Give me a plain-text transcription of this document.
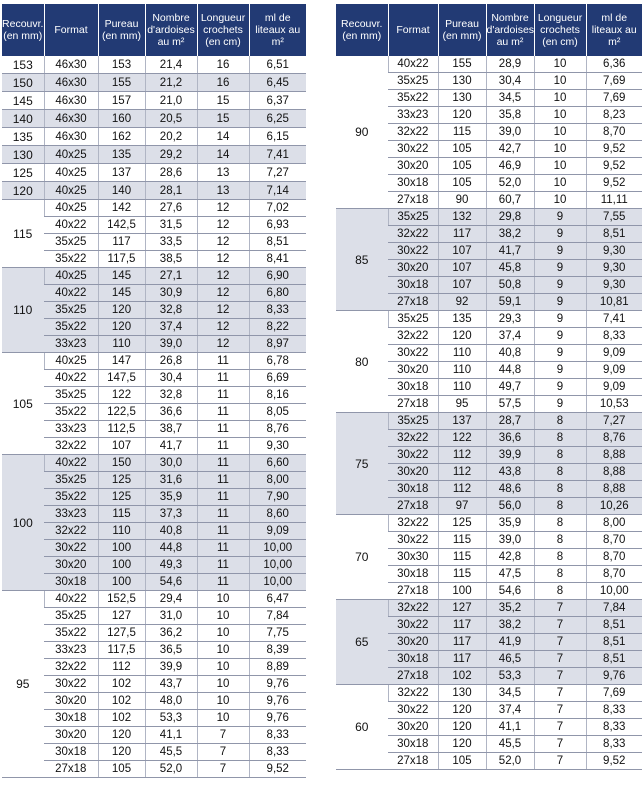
Recouvr. (en mm)	Format	Pureau (en mm)	Nombre d'ardoises au m²	Longueur crochets (en cm)	ml de liteaux au m²
153	46x30	153	21,4	16	6,51
150	46x30	155	21,2	16	6,45
145	46x30	157	21,0	15	6,37
140	46x30	160	20,5	15	6,25
135	46x30	162	20,2	14	6,15
130	40x25	135	29,2	14	7,41
125	40x25	137	28,6	13	7,27
120	40x25	140	28,1	13	7,14
115	40x25	142	27,6	12	7,02
	40x22	142,5	31,5	12	6,93
	35x25	117	33,5	12	8,51
	35x22	117,5	38,5	12	8,41
110	40x25	145	27,1	12	6,90
	40x22	145	30,9	12	6,80
	35x25	120	32,8	12	8,33
	35x22	120	37,4	12	8,22
	33x23	110	39,0	12	8,97
105	40x25	147	26,8	11	6,78
	40x22	147,5	30,4	11	6,69
	35x25	122	32,8	11	8,16
	35x22	122,5	36,6	11	8,05
	33x23	112,5	38,7	11	8,76
	32x22	107	41,7	11	9,30
100	40x22	150	30,0	11	6,60
	35x25	125	31,6	11	8,00
	35x22	125	35,9	11	7,90
	33x23	115	37,3	11	8,60
	32x22	110	40,8	11	9,09
	30x22	100	44,8	11	10,00
	30x20	100	49,3	11	10,00
	30x18	100	54,6	11	10,00
95	40x22	152,5	29,4	10	6,47
	35x25	127	31,0	10	7,84
	35x22	127,5	36,2	10	7,75
	33x23	117,5	36,5	10	8,39
	32x22	112	39,9	10	8,89
	30x22	102	43,7	10	9,76
	30x20	102	48,0	10	9,76
	30x18	102	53,3	10	9,76
	30x20	120	41,1	7	8,33
	30x18	120	45,5	7	8,33
	27x18	105	52,0	7	9,52
Recouvr. (en mm)	Format	Pureau (en mm)	Nombre d'ardoises au m²	Longueur crochets (en cm)	ml de liteaux au m²
90	40x22	155	28,9	10	6,36
	35x25	130	30,4	10	7,69
	35x22	130	34,5	10	7,69
	33x23	120	35,8	10	8,23
	32x22	115	39,0	10	8,70
	30x22	105	42,7	10	9,52
	30x20	105	46,9	10	9,52
	30x18	105	52,0	10	9,52
	27x18	90	60,7	10	11,11
85	35x25	132	29,8	9	7,55
	32x22	117	38,2	9	8,51
	30x22	107	41,7	9	9,30
	30x20	107	45,8	9	9,30
	30x18	107	50,8	9	9,30
	27x18	92	59,1	9	10,81
80	35x25	135	29,3	9	7,41
	32x22	120	37,4	9	8,33
	30x22	110	40,8	9	9,09
	30x20	110	44,8	9	9,09
	30x18	110	49,7	9	9,09
	27x18	95	57,5	9	10,53
75	35x25	137	28,7	8	7,27
	32x22	122	36,6	8	8,76
	30x22	112	39,9	8	8,88
	30x20	112	43,8	8	8,88
	30x18	112	48,6	8	8,88
	27x18	97	56,0	8	10,26
70	32x22	125	35,9	8	8,00
	30x22	115	39,0	8	8,70
	30x30	115	42,8	8	8,70
	30x18	115	47,5	8	8,70
	27x18	100	54,6	8	10,00
65	32x22	127	35,2	7	7,84
	30x22	117	38,2	7	8,51
	30x20	117	41,9	7	8,51
	30x18	117	46,5	7	8,51
	27x18	102	53,3	7	9,76
60	32x22	130	34,5	7	7,69
	30x22	120	37,4	7	8,33
	30x20	120	41,1	7	8,33
	30x18	120	45,5	7	8,33
	27x18	105	52,0	7	9,52
